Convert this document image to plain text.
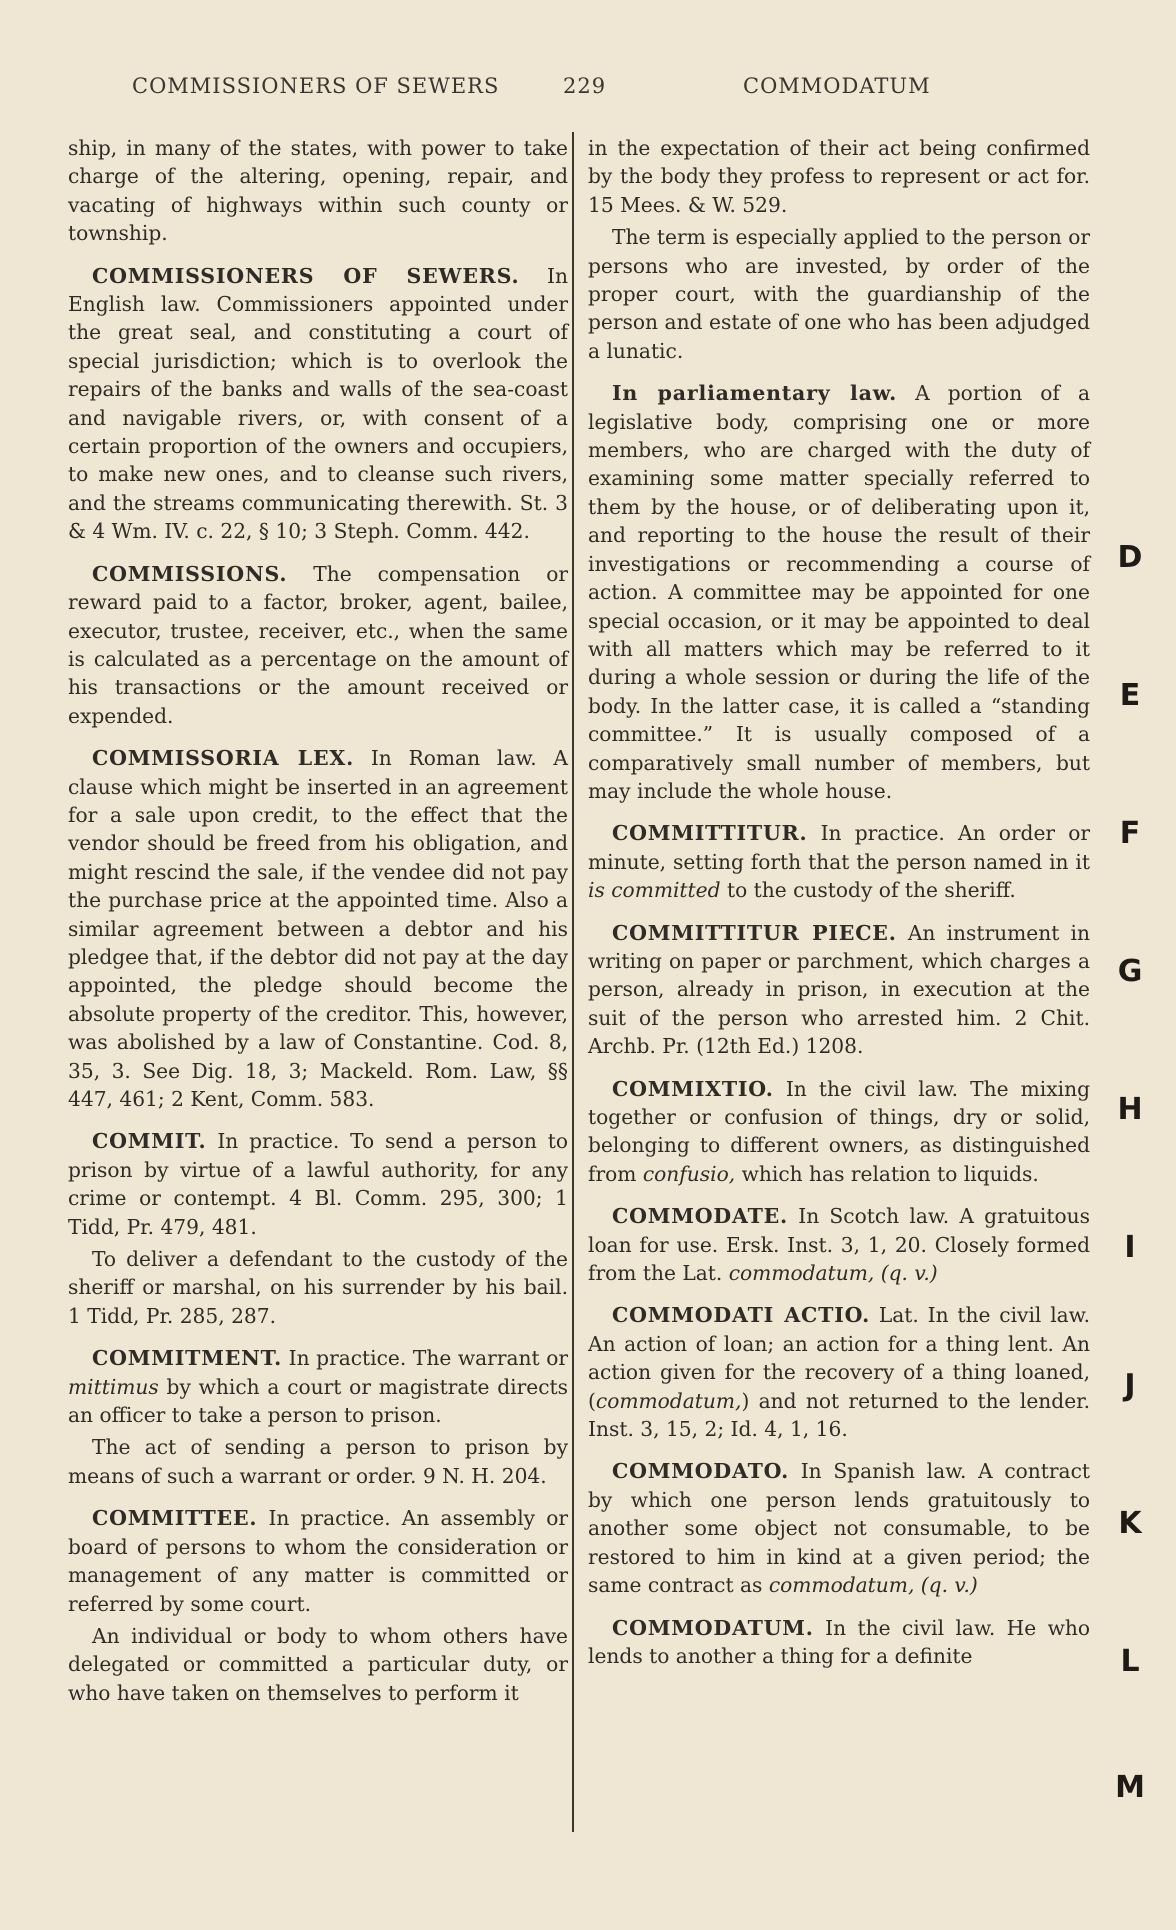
COMMISSIONERS OF SEWERS	229	COMMODATUM

ship, in many of the states, with power to take charge of the altering, opening, repair, and vacating of highways within such county or township.

COMMISSIONERS OF SEWERS. In English law. Commissioners appointed under the great seal, and constituting a court of special jurisdiction; which is to overlook the repairs of the banks and walls of the sea-coast and navigable rivers, or, with consent of a certain proportion of the owners and occupiers, to make new ones, and to cleanse such rivers, and the streams communicating therewith. St. 3 & 4 Wm. IV. c. 22, § 10; 3 Steph. Comm. 442.

COMMISSIONS. The compensation or reward paid to a factor, broker, agent, bailee, executor, trustee, receiver, etc., when the same is calculated as a percentage on the amount of his transactions or the amount received or expended.

COMMISSORIA LEX. In Roman law. A clause which might be inserted in an agreement for a sale upon credit, to the effect that the vendor should be freed from his obligation, and might rescind the sale, if the vendee did not pay the purchase price at the appointed time. Also a similar agreement between a debtor and his pledgee that, if the debtor did not pay at the day appointed, the pledge should become the absolute property of the creditor. This, however, was abolished by a law of Constantine. Cod. 8, 35, 3. See Dig. 18, 3; Mackeld. Rom. Law, §§ 447, 461; 2 Kent, Comm. 583.

COMMIT. In practice. To send a person to prison by virtue of a lawful authority, for any crime or contempt. 4 Bl. Comm. 295, 300; 1 Tidd, Pr. 479, 481.

To deliver a defendant to the custody of the sheriff or marshal, on his surrender by his bail. 1 Tidd, Pr. 285, 287.

COMMITMENT. In practice. The warrant or mittimus by which a court or magistrate directs an officer to take a person to prison.

The act of sending a person to prison by means of such a warrant or order. 9 N. H. 204.

COMMITTEE. In practice. An assembly or board of persons to whom the consideration or management of any matter is committed or referred by some court.

An individual or body to whom others have delegated or committed a particular duty, or who have taken on themselves to perform it

in the expectation of their act being confirmed by the body they profess to represent or act for. 15 Mees. & W. 529.

The term is especially applied to the person or persons who are invested, by order of the proper court, with the guardianship of the person and estate of one who has been adjudged a lunatic.

In parliamentary law. A portion of a legislative body, comprising one or more members, who are charged with the duty of examining some matter specially referred to them by the house, or of deliberating upon it, and reporting to the house the result of their investigations or recommending a course of action. A committee may be appointed for one special occasion, or it may be appointed to deal with all matters which may be referred to it during a whole session or during the life of the body. In the latter case, it is called a “standing committee.” It is usually composed of a comparatively small number of members, but may include the whole house.

COMMITTITUR. In practice. An order or minute, setting forth that the person named in it is committed to the custody of the sheriff.

COMMITTITUR PIECE. An instrument in writing on paper or parchment, which charges a person, already in prison, in execution at the suit of the person who arrested him. 2 Chit. Archb. Pr. (12th Ed.) 1208.

COMMIXTIO. In the civil law. The mixing together or confusion of things, dry or solid, belonging to different owners, as distinguished from confusio, which has relation to liquids.

COMMODATE. In Scotch law. A gratuitous loan for use. Ersk. Inst. 3, 1, 20. Closely formed from the Lat. commodatum, (q. v.)

COMMODATI ACTIO. Lat. In the civil law. An action of loan; an action for a thing lent. An action given for the recovery of a thing loaned, (commodatum,) and not returned to the lender. Inst. 3, 15, 2; Id. 4, 1, 16.

COMMODATO. In Spanish law. A contract by which one person lends gratuitously to another some object not consumable, to be restored to him in kind at a given period; the same contract as commodatum, (q. v.)

COMMODATUM. In the civil law. He who lends to another a thing for a definite

D
E
F
G
H
I
J
K
L
M
